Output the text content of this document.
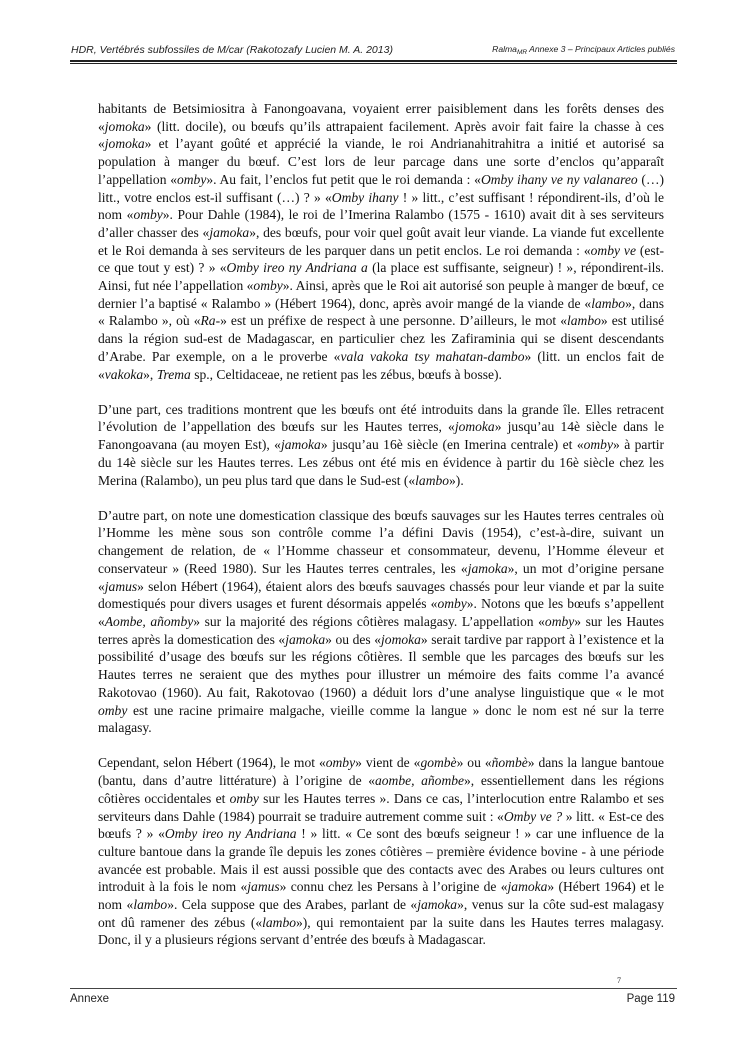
HDR, Vertébrés subfossiles de M/car (Rakotozafy Lucien M. A. 2013)	Ralma$_{MR}$ Annexe 3 – Principaux Articles publiés

habitants de Betsimiositra à Fanongoavana, voyaient errer paisiblement dans les forêts denses des «jomoka» (litt. docile), ou bœufs qu’ils attrapaient facilement. Après avoir fait faire la chasse à ces «jomoka» et l’ayant goûté et apprécié la viande, le roi Andrianahitrahitra a initié et autorisé sa population à manger du bœuf. C’est lors de leur parcage dans une sorte d’enclos qu’apparaît l’appellation «omby». Au fait, l’enclos fut petit que le roi demanda : «Omby ihany ve ny valanareo (…) litt., votre enclos est-il suffisant (…) ? » «Omby ihany ! » litt., c’est suffisant ! répondirent-ils, d’où le nom «omby». Pour Dahle (1984), le roi de l’Imerina Ralambo (1575 - 1610) avait dit à ses serviteurs d’aller chasser des «jamoka», des bœufs, pour voir quel goût avait leur viande. La viande fut excellente et le Roi demanda à ses serviteurs de les parquer dans un petit enclos. Le roi demanda : «omby ve (est-ce que tout y est) ? » «Omby ireo ny Andriana a (la place est suffisante, seigneur) ! », répondirent-ils. Ainsi, fut née l’appellation «omby». Ainsi, après que le Roi ait autorisé son peuple à manger de bœuf, ce dernier l’a baptisé « Ralambo » (Hébert 1964), donc, après avoir mangé de la viande de «lambo», dans « Ralambo », où «Ra-» est un préfixe de respect à une personne. D’ailleurs, le mot «lambo» est utilisé dans la région sud-est de Madagascar, en particulier chez les Zafiraminia qui se disent descendants d’Arabe. Par exemple, on a le proverbe «vala vakoka tsy mahatan-dambo» (litt. un enclos fait de «vakoka», Trema sp., Celtidaceae, ne retient pas les zébus, bœufs à bosse).

D’une part, ces traditions montrent que les bœufs ont été introduits dans la grande île. Elles retracent l’évolution de l’appellation des bœufs sur les Hautes terres, «jomoka» jusqu’au 14è siècle dans le Fanongoavana (au moyen Est), «jamoka» jusqu’au 16è siècle (en Imerina centrale) et «omby» à partir du 14è siècle sur les Hautes terres. Les zébus ont été mis en évidence à partir du 16è siècle chez les Merina (Ralambo), un peu plus tard que dans le Sud-est («lambo»).

D’autre part, on note une domestication classique des bœufs sauvages sur les Hautes terres centrales où l’Homme les mène sous son contrôle comme l’a défini Davis (1954), c’est-à-dire, suivant un changement de relation, de « l’Homme chasseur et consommateur, devenu, l’Homme éleveur et conservateur » (Reed 1980). Sur les Hautes terres centrales, les «jamoka», un mot d’origine persane «jamus» selon Hébert (1964), étaient alors des bœufs sauvages chassés pour leur viande et par la suite domestiqués pour divers usages et furent désormais appelés «omby». Notons que les bœufs s’appellent «Aombe, añomby» sur la majorité des régions côtières malagasy. L’appellation «omby» sur les Hautes terres après la domestication des «jamoka» ou des «jomoka» serait tardive par rapport à l’existence et la possibilité d’usage des bœufs sur les régions côtières. Il semble que les parcages des bœufs sur les Hautes terres ne seraient que des mythes pour illustrer un mémoire des faits comme l’a avancé Rakotovao (1960). Au fait, Rakotovao (1960) a déduit lors d’une analyse linguistique que « le mot omby est une racine primaire malgache, vieille comme la langue » donc le nom est né sur la terre malagasy.

Cependant, selon Hébert (1964), le mot «omby» vient de «gombè» ou «ñombè» dans la langue bantoue (bantu, dans d’autre littérature) à l’origine de «aombe, añombe», essentiellement dans les régions côtières occidentales et omby sur les Hautes terres ». Dans ce cas, l’interlocution entre Ralambo et ses serviteurs dans Dahle (1984) pourrait se traduire autrement comme suit : «Omby ve ? » litt. « Est-ce des bœufs ? » «Omby ireo ny Andriana ! » litt. « Ce sont des bœufs seigneur ! » car une influence de la culture bantoue dans la grande île depuis les zones côtières – première évidence bovine - à une période avancée est probable. Mais il est aussi possible que des contacts avec des Arabes ou leurs cultures ont introduit à la fois le nom «jamus» connu chez les Persans à l’origine de «jamoka» (Hébert 1964) et le nom «lambo». Cela suppose que des Arabes, parlant de «jamoka», venus sur la côte sud-est malagasy ont dû ramener des zébus («lambo»), qui remontaient par la suite dans les Hautes terres malagasy. Donc, il y a plusieurs régions servant d’entrée des bœufs à Madagascar.

7
Annexe	Page 119
